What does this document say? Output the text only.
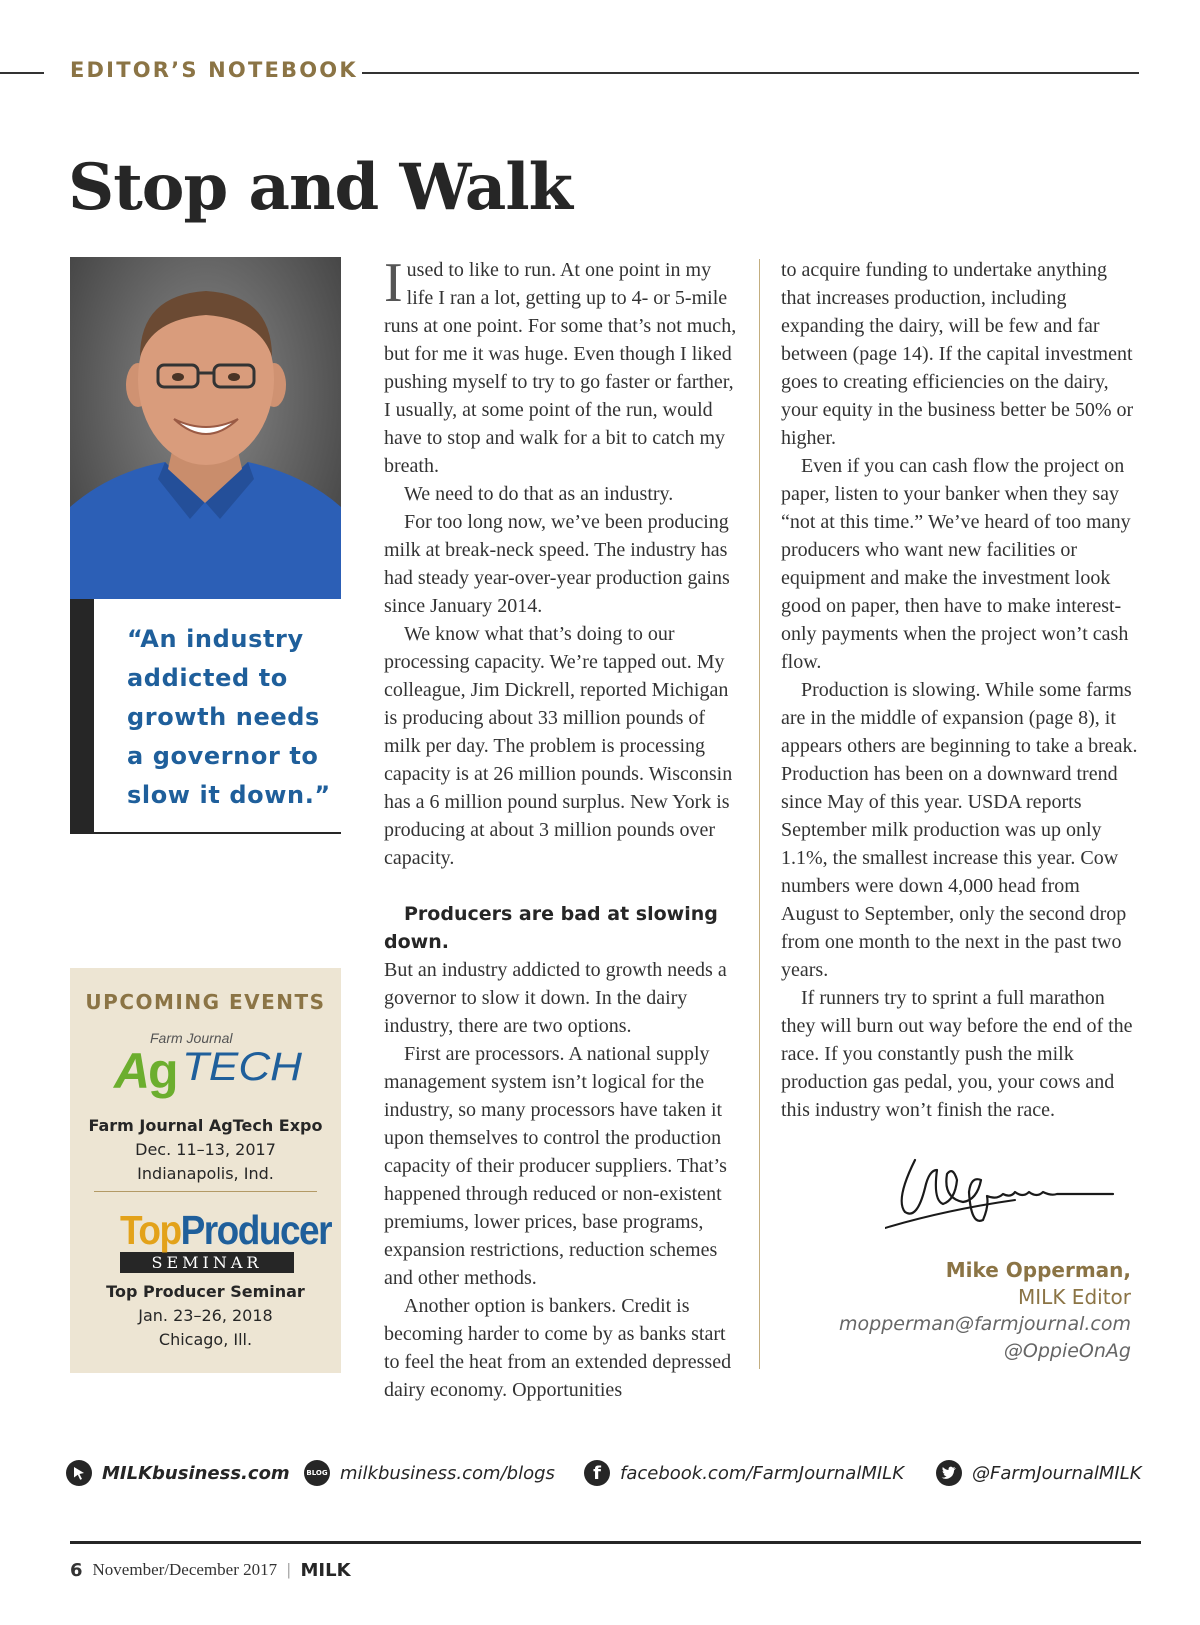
EDITOR’S NOTEBOOK
Stop and Walk

“An industry addicted to growth needs a governor to slow it down.”

UPCOMING EVENTS
Farm Journal
A
g TECH
Farm Journal AgTech Expo
Dec. 11–13, 2017
Indianapolis, Ind.
TopProducer
SEMINAR
Top Producer Seminar
Jan. 23–26, 2018
Chicago, Ill.

Iused to like to run. At one point in my life I ran a lot, getting up to 4- or 5-mile runs at one point. For some that’s not much, but for me it was huge. Even though I liked pushing myself to try to go faster or farther, I usually, at some point of the run, would have to stop and walk for a bit to catch my breath.

We need to do that as an industry.

For too long now, we’ve been producing milk at break-neck speed. The industry has had steady year-over-year production gains since January 2014.

We know what that’s doing to our processing capacity. We’re tapped out. My colleague, Jim Dickrell, reported Michigan is producing about 33 million pounds of milk per day. The problem is processing capacity is at 26 million pounds. Wisconsin has a 6 million pound surplus. New York is producing at about 3 million pounds over capacity.

Producers are bad at slowing down.

But an industry addicted to growth needs a governor to slow it down. In the dairy industry, there are two options.

First are processors. A national supply management system isn’t logical for the industry, so many processors have taken it upon themselves to control the production capacity of their producer suppliers. That’s happened through reduced or non-existent premiums, lower prices, base programs, expansion restrictions, reduction schemes and other methods.

Another option is bankers. Credit is becoming harder to come by as banks start to feel the heat from an extended depressed dairy economy. Opportunities

to acquire funding to undertake anything that increases production, including expanding the dairy, will be few and far between (page 14). If the capital investment goes to creating efficiencies on the dairy, your equity in the business better be 50% or higher.

Even if you can cash flow the project on paper, listen to your banker when they say “not at this time.” We’ve heard of too many producers who want new facilities or equipment and make the investment look good on paper, then have to make interest-only payments when the project won’t cash flow.

Production is slowing. While some farms are in the middle of expansion (page 8), it appears others are beginning to take a break. Production has been on a downward trend since May of this year. USDA reports September milk production was up only 1.1%, the smallest increase this year. Cow numbers were down 4,000 head from August to September, only the second drop from one month to the next in the past two years.

If runners try to sprint a full marathon they will burn out way before the end of the race. If you constantly push the milk production gas pedal, you, your cows and this industry won’t finish the race.

Mike Opperman,
MILK Editor
mopperman@farmjournal.com
@OppieOnAg
MILKbusiness.com	BLOG milkbusiness.com/blogs	f	facebook.com/FarmJournalMILK	@FarmJournalMILK
6 November/December 2017 | MILK
